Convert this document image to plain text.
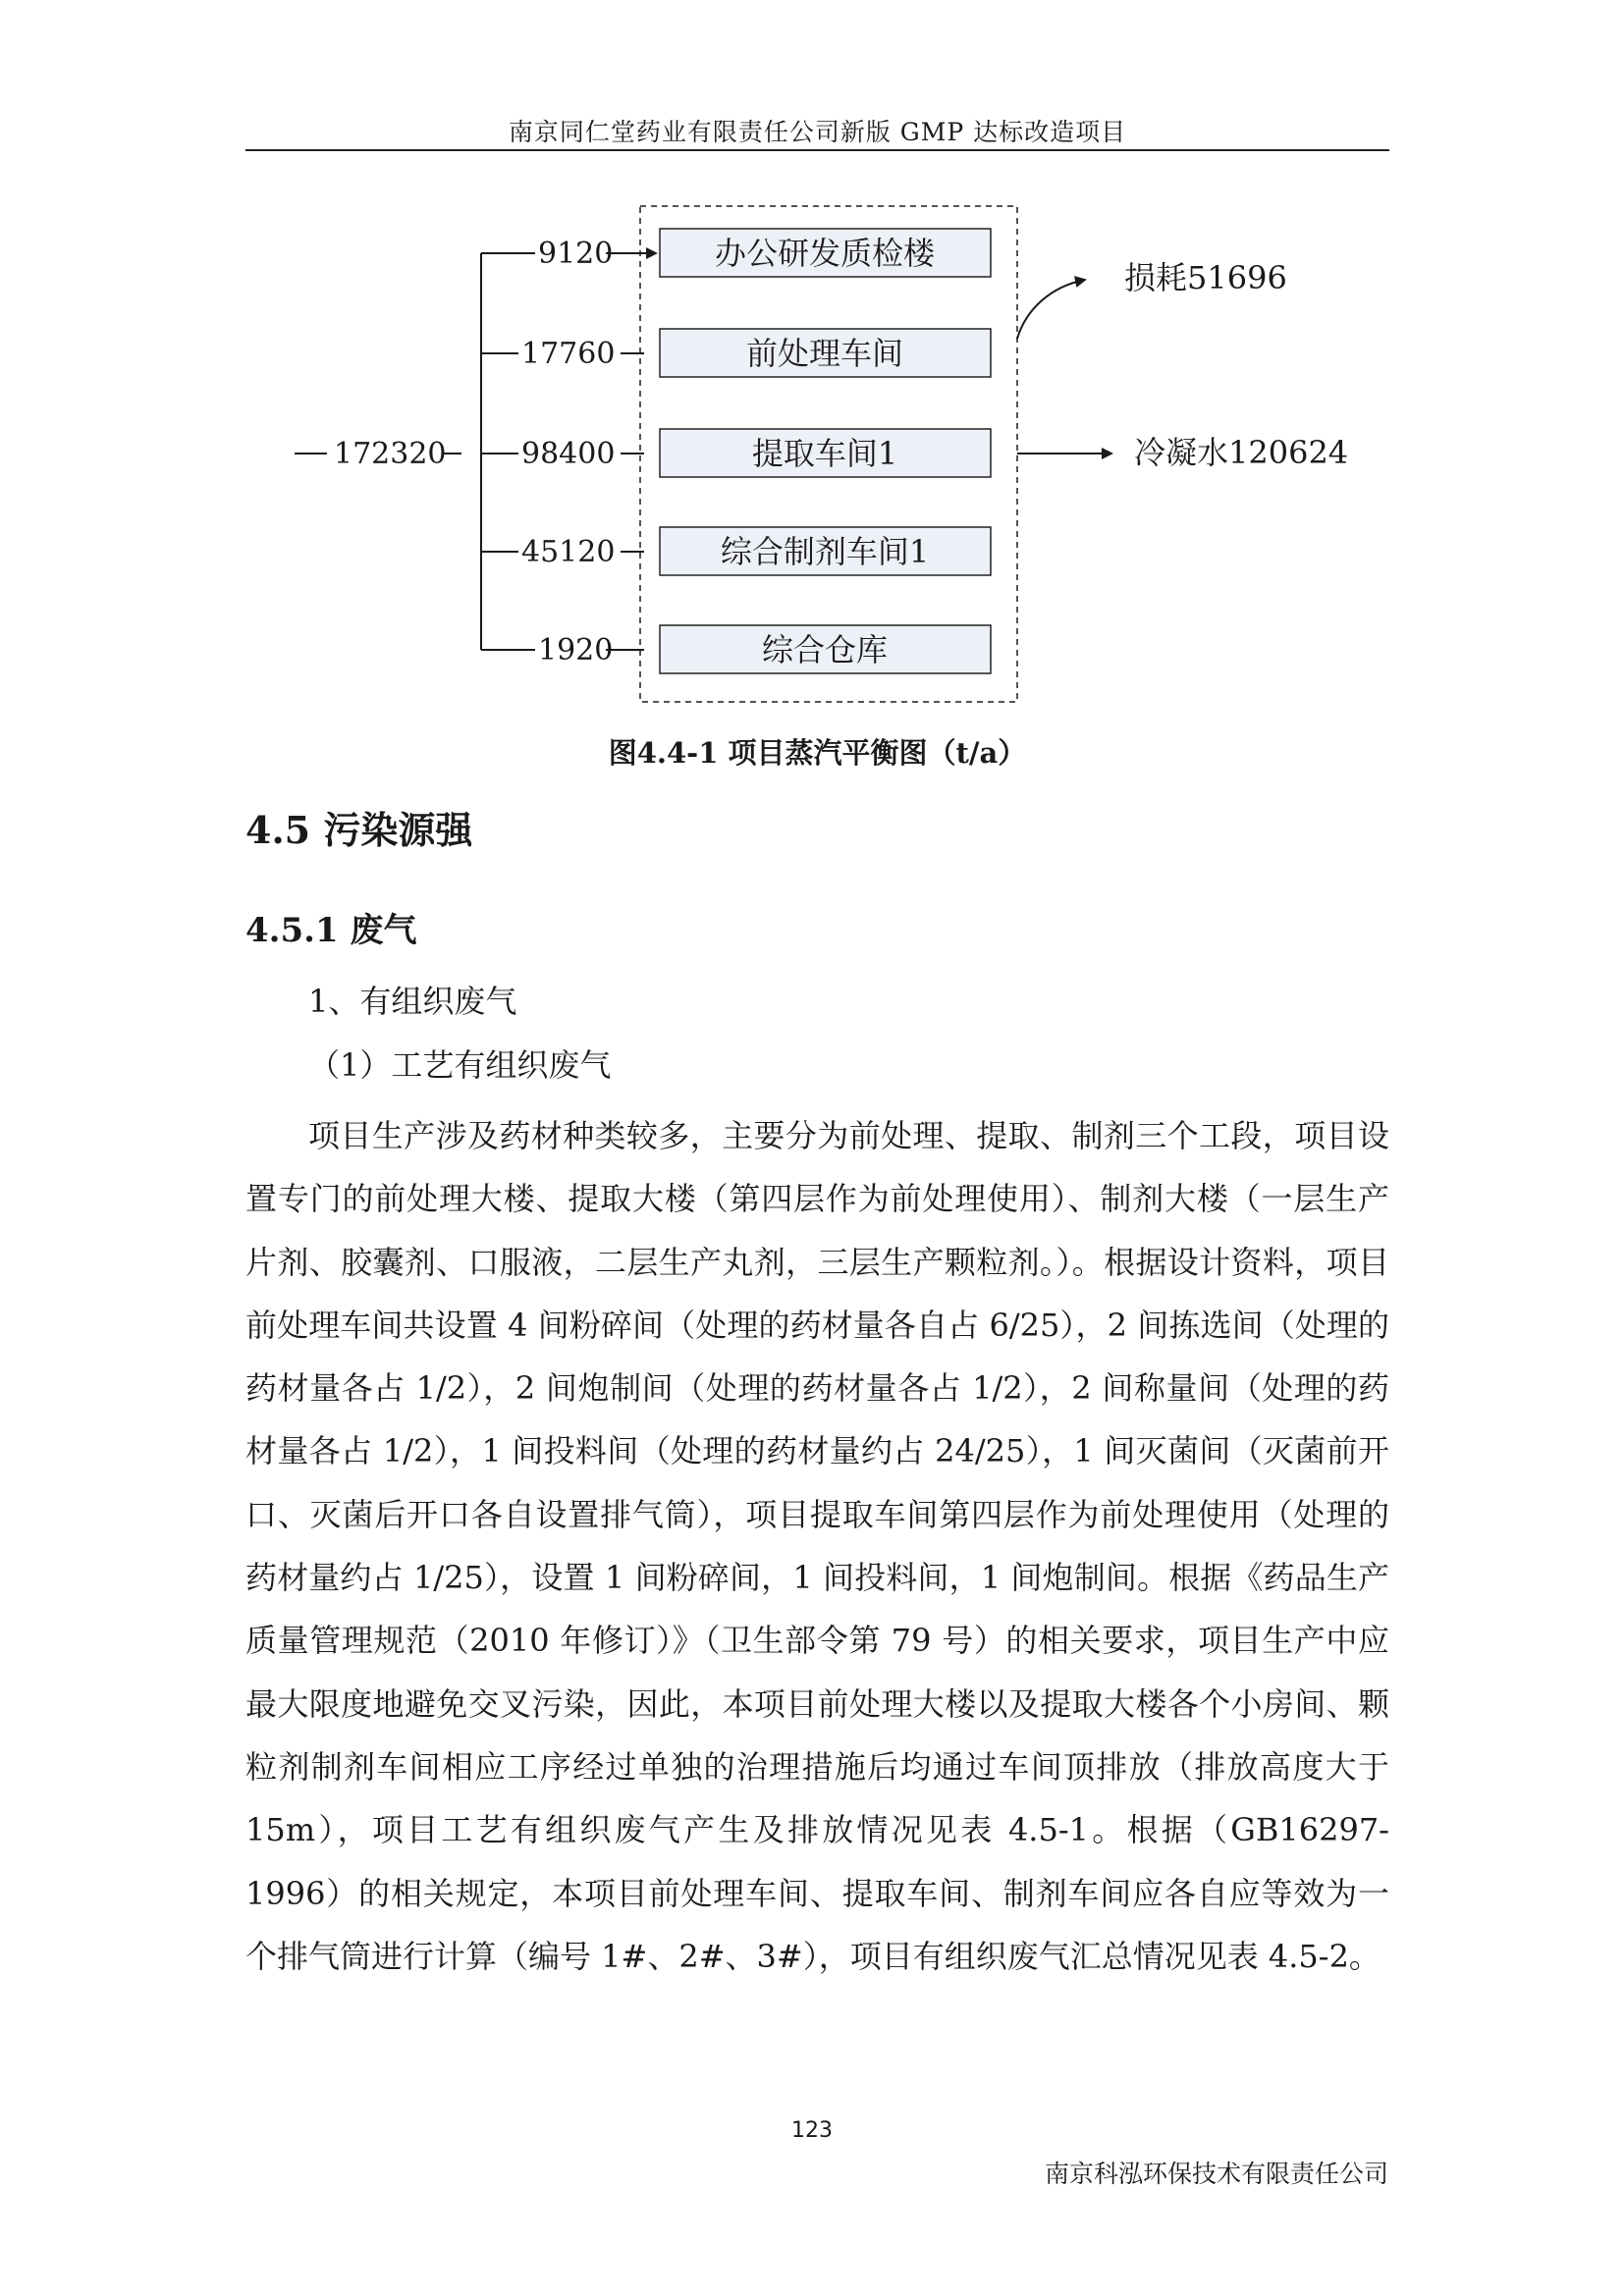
南京同仁堂药业有限责任公司新版 GMP 达标改造项目
172320
9120	办公研发质检楼
17760	前处理车间
98400	提取车间1
45120	综合制剂车间1
1920	综合仓库
损耗51696
冷凝水120624
图4.4-1 项目蒸汽平衡图（t/a）
4.5 污染源强
4.5.1 废气
1、有组织废气
（1）工艺有组织废气
项目生产涉及药材种类较多，主要分为前处理、提取、制剂三个工段，项目设置专门的前处理大楼、提取大楼（第四层作为前处理使用）、制剂大楼（一层生产片剂、胶囊剂、口服液，二层生产丸剂，三层生产颗粒剂。）。根据设计资料，项目前处理车间共设置 4 间粉碎间（处理的药材量各自占 6/25），2 间拣选间（处理的药材量各占 1/2），2 间炮制间（处理的药材量各占 1/2），2 间称量间（处理的药材量各占 1/2），1 间投料间（处理的药材量约占 24/25），1 间灭菌间（灭菌前开口、灭菌后开口各自设置排气筒），项目提取车间第四层作为前处理使用（处理的药材量约占 1/25），设置 1 间粉碎间，1 间投料间，1 间炮制间。根据《药品生产质量管理规范（2010 年修订）》（卫生部令第 79 号）的相关要求，项目生产中应最大限度地避免交叉污染，因此，本项目前处理大楼以及提取大楼各个小房间、颗粒剂制剂车间相应工序经过单独的治理措施后均通过车间顶排放（排放高度大于 15m），项目工艺有组织废气产生及排放情况见表 4.5-1。根据（GB16297-1996）的相关规定，本项目前处理车间、提取车间、制剂车间应各自应等效为一个排气筒进行计算（编号 1#、2#、3#），项目有组织废气汇总情况见表 4.5-2。
123
南京科泓环保技术有限责任公司
